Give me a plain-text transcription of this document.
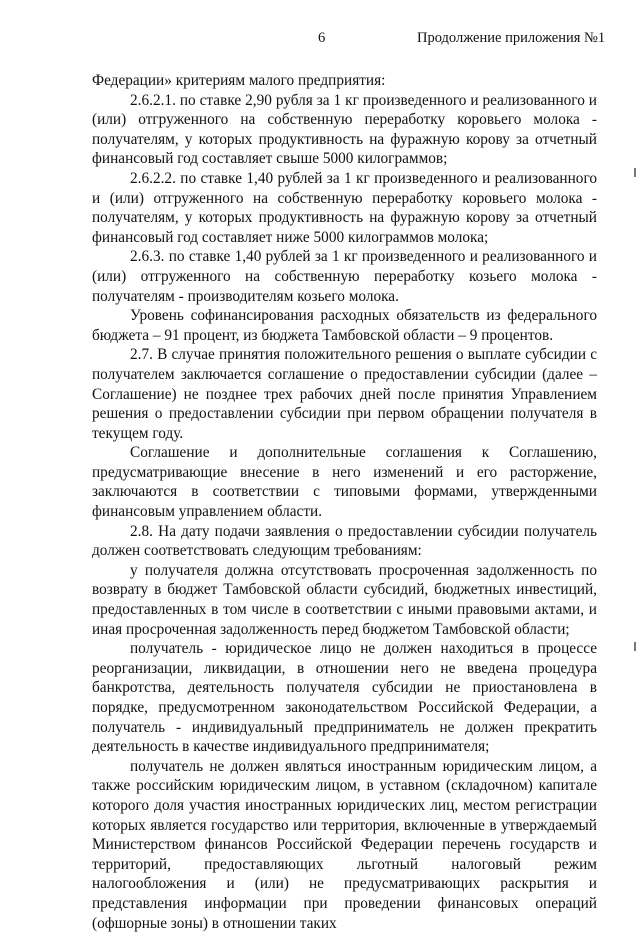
6	Продолжение приложения №1

Федерации» критериям малого предприятия:

2.6.2.1. по ставке 2,90 рубля за 1 кг произведенного и реализованного и (или) отгруженного на собственную переработку коровьего молока - получателям, у которых продуктивность на фуражную корову за отчетный финансовый год составляет свыше 5000 килограммов;

2.6.2.2. по ставке 1,40 рублей за 1 кг произведенного и реализованного и (или) отгруженного на собственную переработку коровьего молока - получателям, у которых продуктивность на фуражную корову за отчетный финансовый год составляет ниже 5000 килограммов молока;

2.6.3. по ставке 1,40 рублей за 1 кг произведенного и реализованного и (или) отгруженного на собственную переработку козьего молока - получателям - производителям козьего молока.

Уровень софинансирования расходных обязательств из федерального бюджета – 91 процент, из бюджета Тамбовской области – 9 процентов.

2.7. В случае принятия положительного решения о выплате субсидии с получателем заключается соглашение о предоставлении субсидии (далее – Соглашение) не позднее трех рабочих дней после принятия Управлением решения о предоставлении субсидии при первом обращении получателя в текущем году.

Соглашение и дополнительные соглашения к Соглашению, предусматривающие внесение в него изменений и его расторжение, заключаются в соответствии с типовыми формами, утвержденными финансовым управлением области.

2.8. На дату подачи заявления о предоставлении субсидии получатель должен соответствовать следующим требованиям:

у получателя должна отсутствовать просроченная задолженность по возврату в бюджет Тамбовской области субсидий, бюджетных инвестиций, предоставленных в том числе в соответствии с иными правовыми актами, и иная просроченная задолженность перед бюджетом Тамбовской области;

получатель - юридическое лицо не должен находиться в процессе реорганизации, ликвидации, в отношении него не введена процедура банкротства, деятельность получателя субсидии не приостановлена в порядке, предусмотренном законодательством Российской Федерации, а получатель - индивидуальный предприниматель не должен прекратить деятельность в качестве индивидуального предпринимателя;

получатель не должен являться иностранным юридическим лицом, а также российским юридическим лицом, в уставном (складочном) капитале которого доля участия иностранных юридических лиц, местом регистрации которых является государство или территория, включенные в утверждаемый Министерством финансов Российской Федерации перечень государств и территорий, предоставляющих льготный налоговый режим налогообложения и (или) не предусматривающих раскрытия и представления информации при проведении финансовых операций (офшорные зоны) в отношении таких
